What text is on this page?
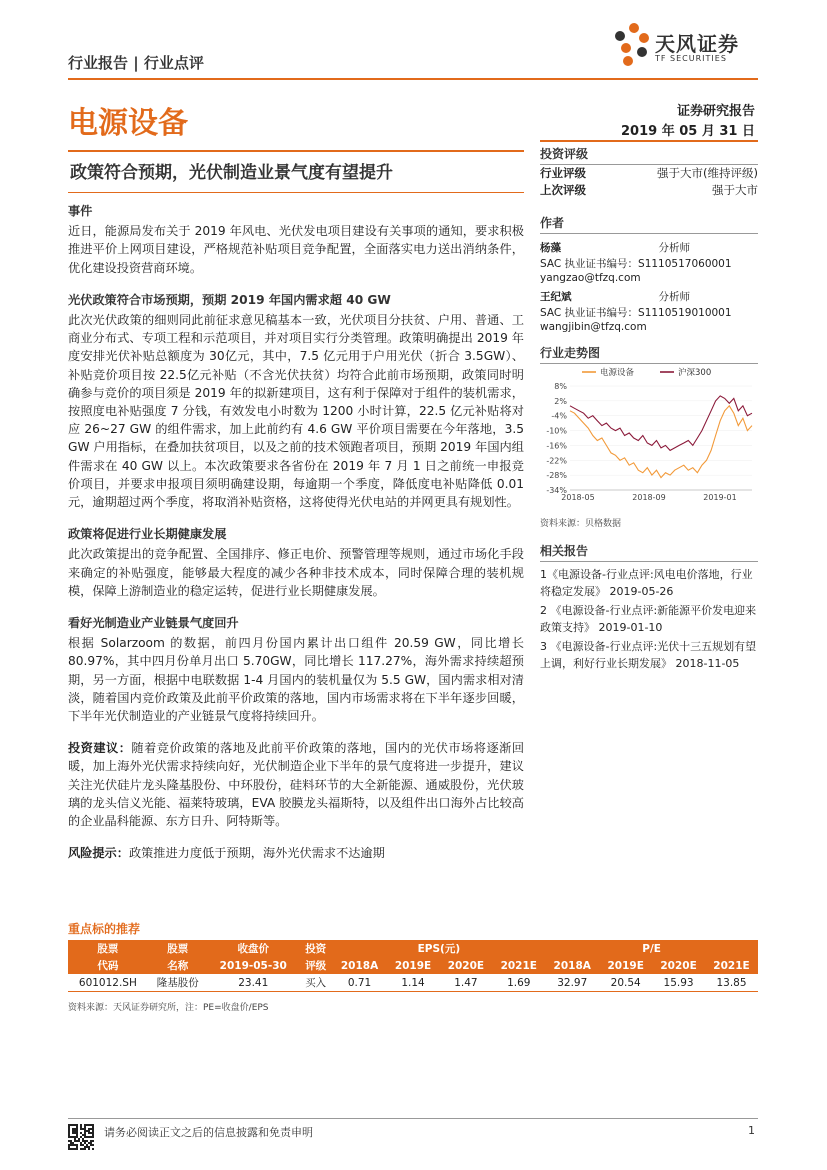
行业报告 | 行业点评
天风证券
TF SECURITIES
电源设备	证券研究报告
2019 年 05 月 31 日
政策符合预期，光伏制造业景气度有望提升

事件

近日，能源局发布关于 2019 年风电、光伏发电项目建设有关事项的通知，要求积极推进平价上网项目建设，严格规范补贴项目竞争配置，全面落实电力送出消纳条件，优化建设投资营商环境。

光伏政策符合市场预期，预期 2019 年国内需求超 40 GW

此次光伏政策的细则同此前征求意见稿基本一致，光伏项目分扶贫、户用、普通、工商业分布式、专项工程和示范项目，并对项目实行分类管理。政策明确提出 2019 年度安排光伏补贴总额度为 30亿元，其中，7.5 亿元用于户用光伏（折合 3.5GW）、补贴竞价项目按 22.5亿元补贴（不含光伏扶贫）均符合此前市场预期，政策同时明确参与竞价的项目须是 2019 年的拟新建项目，这有利于保障对于组件的装机需求，按照度电补贴强度 7 分钱，有效发电小时数为 1200 小时计算，22.5 亿元补贴将对应 26~27 GW 的组件需求，加上此前约有 4.6 GW 平价项目需要在今年落地，3.5 GW 户用指标，在叠加扶贫项目，以及之前的技术领跑者项目，预期 2019 年国内组件需求在 40 GW 以上。本次政策要求各省份在 2019 年 7 月 1 日之前统一申报竞价项目，并要求申报项目须明确建设期，每逾期一个季度，降低度电补贴降低 0.01 元，逾期超过两个季度，将取消补贴资格，这将使得光伏电站的并网更具有规划性。

政策将促进行业长期健康发展

此次政策提出的竞争配置、全国排序、修正电价、预警管理等规则，通过市场化手段来确定的补贴强度，能够最大程度的减少各种非技术成本，同时保障合理的装机规模，保障上游制造业的稳定运转，促进行业长期健康发展。

看好光制造业产业链景气度回升

根据 Solarzoom 的数据，前四月份国内累计出口组件 20.59 GW，同比增长 80.97%，其中四月份单月出口 5.70GW，同比增长 117.27%，海外需求持续超预期，另一方面，根据中电联数据 1-4 月国内的装机量仅为 5.5 GW，国内需求相对清淡，随着国内竞价政策及此前平价政策的落地，国内市场需求将在下半年逐步回暖，下半年光伏制造业的产业链景气度将持续回升。

投资建议：随着竞价政策的落地及此前平价政策的落地，国内的光伏市场将逐渐回暖，加上海外光伏需求持续向好，光伏制造企业下半年的景气度将进一步提升，建议关注光伏硅片龙头隆基股份、中环股份，硅料环节的大全新能源、通威股份，光伏玻璃的龙头信义光能、福莱特玻璃，EVA 胶膜龙头福斯特，以及组件出口海外占比较高的企业晶科能源、东方日升、阿特斯等。

风险提示：政策推进力度低于预期，海外光伏需求不达逾期

投资评级
行业评级	强于大市(维持评级)
上次评级	强于大市
作者
杨藻	分析师
SAC 执业证书编号：S1110517060001
yangzao@tfzq.com
王纪斌	分析师
SAC 执业证书编号：S1110519010001
wangjibin@tfzq.com
行业走势图
8%
2%
-4%
-10%
-16%
-22%
-28%
-34%
2018-05	2018-09	2019-01
电源设备	沪深300
资料来源：贝格数据
相关报告
1《电源设备-行业点评:风电电价落地，行业将稳定发展》 2019-05-26
2 《电源设备-行业点评:新能源平价发电迎来政策支持》 2019-01-10
3 《电源设备-行业点评:光伏十三五规划有望上调，利好行业长期发展》 2018-11-05
重点标的推荐
股票	股票	收盘价	投资	EPS(元)				P/E			
代码	名称	2019-05-30	评级	2018A	2019E	2020E	2021E	2018A	2019E	2020E	2021E
601012.SH	隆基股份	23.41	买入	0.71	1.14	1.47	1.69	32.97	20.54	15.93	13.85
资料来源：天风证券研究所，注：PE=收盘价/EPS
请务必阅读正文之后的信息披露和免责申明	1
